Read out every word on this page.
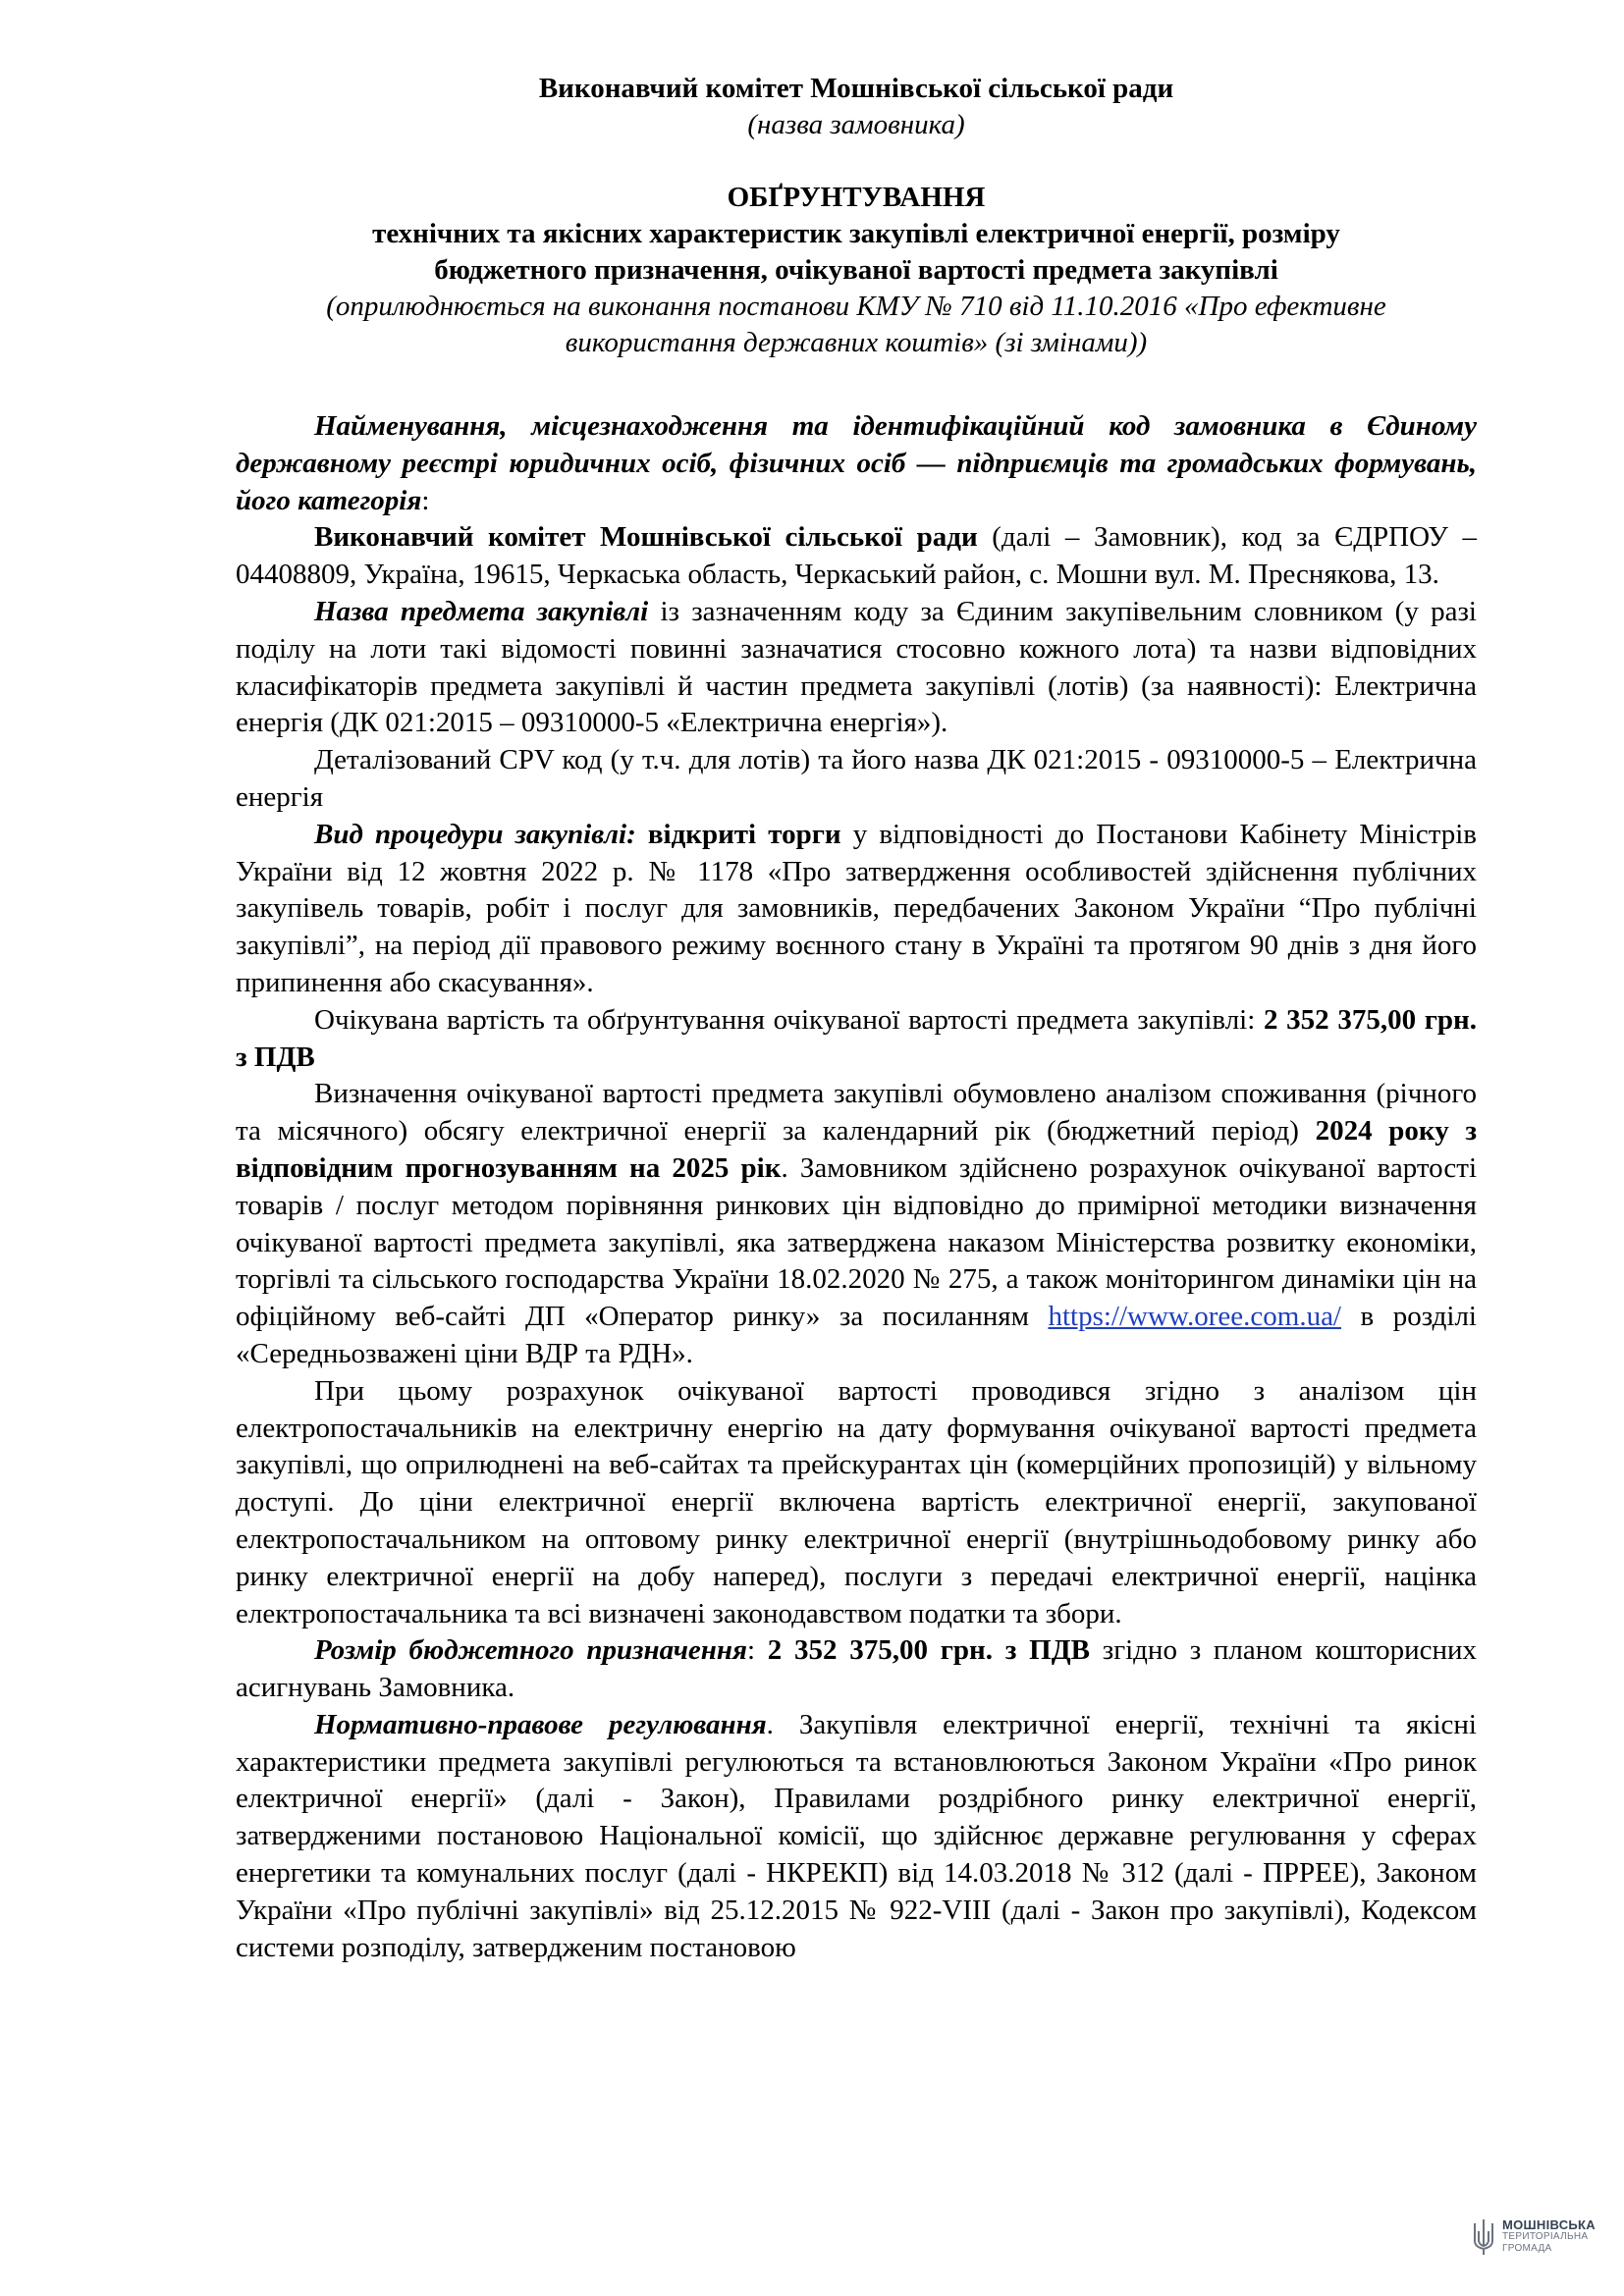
Виконавчий комітет Мошнівської сільської ради
(назва замовника)
ОБҐРУНТУВАННЯ
технічних та якісних характеристик закупівлі електричної енергії, розміру
бюджетного призначення, очікуваної вартості предмета закупівлі
(оприлюднюється на виконання постанови КМУ № 710 від 11.10.2016 «Про ефективне
використання державних коштів» (зі змінами))

Найменування, місцезнаходження та ідентифікаційний код замовника в Єдиному державному реєстрі юридичних осіб, фізичних осіб — підприємців та громадських формувань, його категорія:

Виконавчий комітет Мошнівської сільської ради (далі – Замовник), код за ЄДРПОУ – 04408809, Україна, 19615, Черкаська область, Черкаський район, с. Мошни вул. М. Преснякова, 13.

Назва предмета закупівлі із зазначенням коду за Єдиним закупівельним словником (у разі поділу на лоти такі відомості повинні зазначатися стосовно кожного лота) та назви відповідних класифікаторів предмета закупівлі й частин предмета закупівлі (лотів) (за наявності): Електрична енергія (ДК 021:2015 – 09310000-5 «Електрична енергія»).

Деталізований CPV код (у т.ч. для лотів) та його назва ДК 021:2015 - 09310000-5 – Електрична енергія

Вид процедури закупівлі: відкриті торги у відповідності до Постанови Кабінету Міністрів України від 12 жовтня 2022 р. № 1178 «Про затвердження особливостей здійснення публічних закупівель товарів, робіт і послуг для замовників, передбачених Законом України “Про публічні закупівлі”, на період дії правового режиму воєнного стану в Україні та протягом 90 днів з дня його припинення або скасування».

Очікувана вартість та обґрунтування очікуваної вартості предмета закупівлі: 2 352 375,00 грн. з ПДВ

Визначення очікуваної вартості предмета закупівлі обумовлено аналізом споживання (річного та місячного) обсягу електричної енергії за календарний рік (бюджетний період) 2024 року з відповідним прогнозуванням на 2025 рік. Замовником здійснено розрахунок очікуваної вартості товарів / послуг методом порівняння ринкових цін відповідно до примірної методики визначення очікуваної вартості предмета закупівлі, яка затверджена наказом Міністерства розвитку економіки, торгівлі та сільського господарства України 18.02.2020 № 275, а також моніторингом динаміки цін на офіційному веб-сайті ДП «Оператор ринку» за посиланням https://www.oree.com.ua/ в розділі «Середньозважені ціни ВДР та РДН».

При цьому розрахунок очікуваної вартості проводився згідно з аналізом цін електропостачальників на електричну енергію на дату формування очікуваної вартості предмета закупівлі, що оприлюднені на веб-сайтах та прейскурантах цін (комерційних пропозицій) у вільному доступі. До ціни електричної енергії включена вартість електричної енергії, закупованої електропостачальником на оптовому ринку електричної енергії (внутрішньодобовому ринку або ринку електричної енергії на добу наперед), послуги з передачі електричної енергії, націнка електропостачальника та всі визначені законодавством податки та збори.

Розмір бюджетного призначення: 2 352 375,00 грн. з ПДВ згідно з планом кошторисних асигнувань Замовника.

Нормативно-правове регулювання. Закупівля електричної енергії, технічні та якісні характеристики предмета закупівлі регулюються та встановлюються Законом України «Про ринок електричної енергії» (далі - Закон), Правилами роздрібного ринку електричної енергії, затвердженими постановою Національної комісії, що здійснює державне регулювання у сферах енергетики та комунальних послуг (далі - НКРЕКП) від 14.03.2018 № 312 (далі - ПРРЕЕ), Законом України «Про публічні закупівлі» від 25.12.2015 № 922-VIII (далі - Закон про закупівлі), Кодексом системи розподілу, затвердженим постановою

МОШНІВСЬКА
ТЕРИТОРІАЛЬНА
ГРОМАДА
